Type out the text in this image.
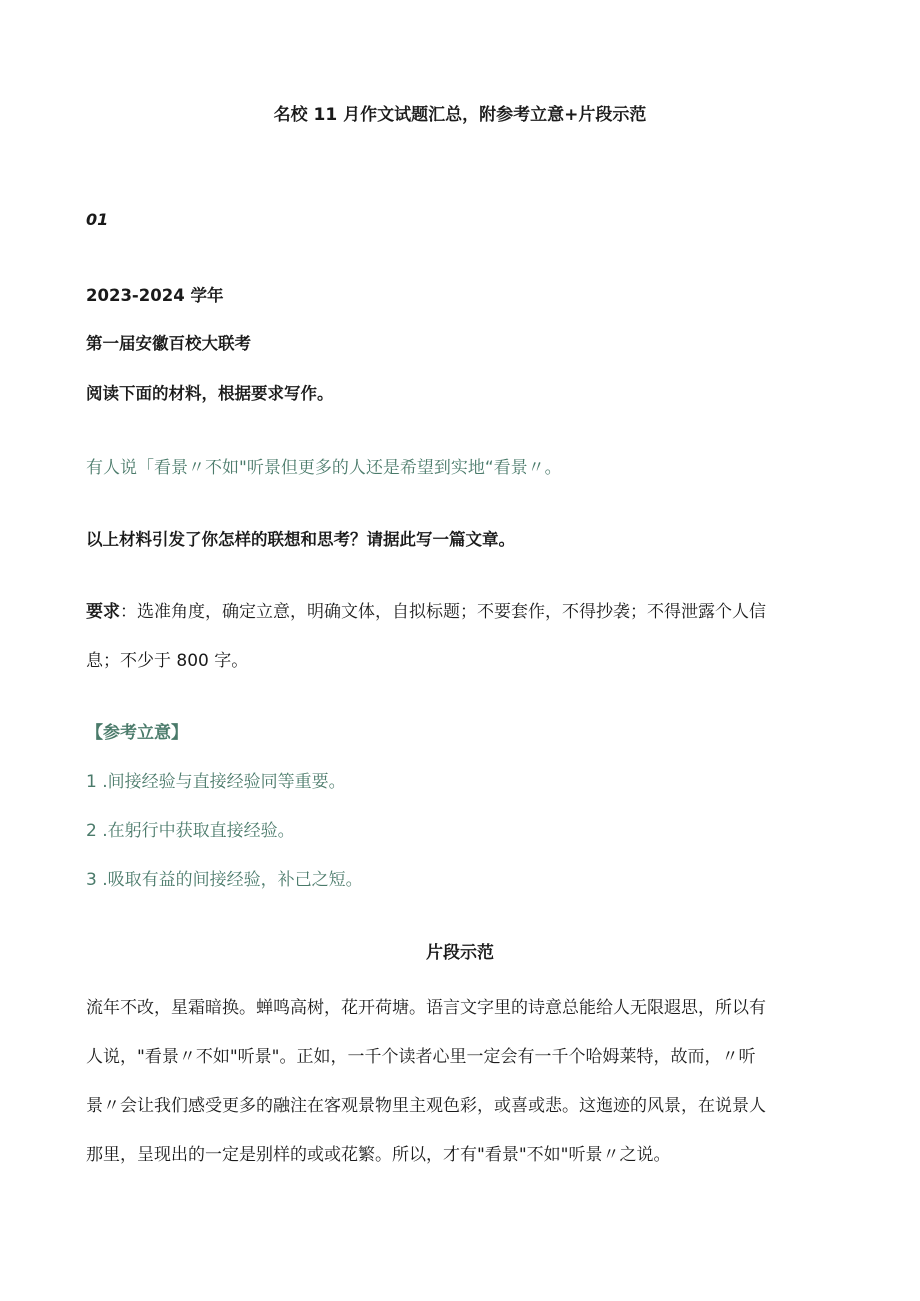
名校 11 月作文试题汇总，附参考立意+片段示范
01
2023-2024 学年
第一届安徽百校大联考
阅读下面的材料，根据要求写作。
有人说「看景〃不如"听景但更多的人还是希望到实地“看景〃。
以上材料引发了你怎样的联想和思考？请据此写一篇文章。
要求：选准角度，确定立意，明确文体，自拟标题；不要套作，不得抄袭；不得泄露个人信
息；不少于 800 字。
【参考立意】
1 .间接经验与直接经验同等重要。
2 .在躬行中获取直接经验。
3 .吸取有益的间接经验，补己之短。
片段示范
流年不改，星霜暗换。蝉鸣高树，花开荷塘。语言文字里的诗意总能给人无限遐思，所以有
人说，"看景〃不如"听景"。正如，一千个读者心里一定会有一千个哈姆莱特，故而，〃听
景〃会让我们感受更多的融注在客观景物里主观色彩，或喜或悲。这迤迹的风景，在说景人
那里，呈现出的一定是别样的或或花繁。所以，才有"看景"不如"听景〃之说。
